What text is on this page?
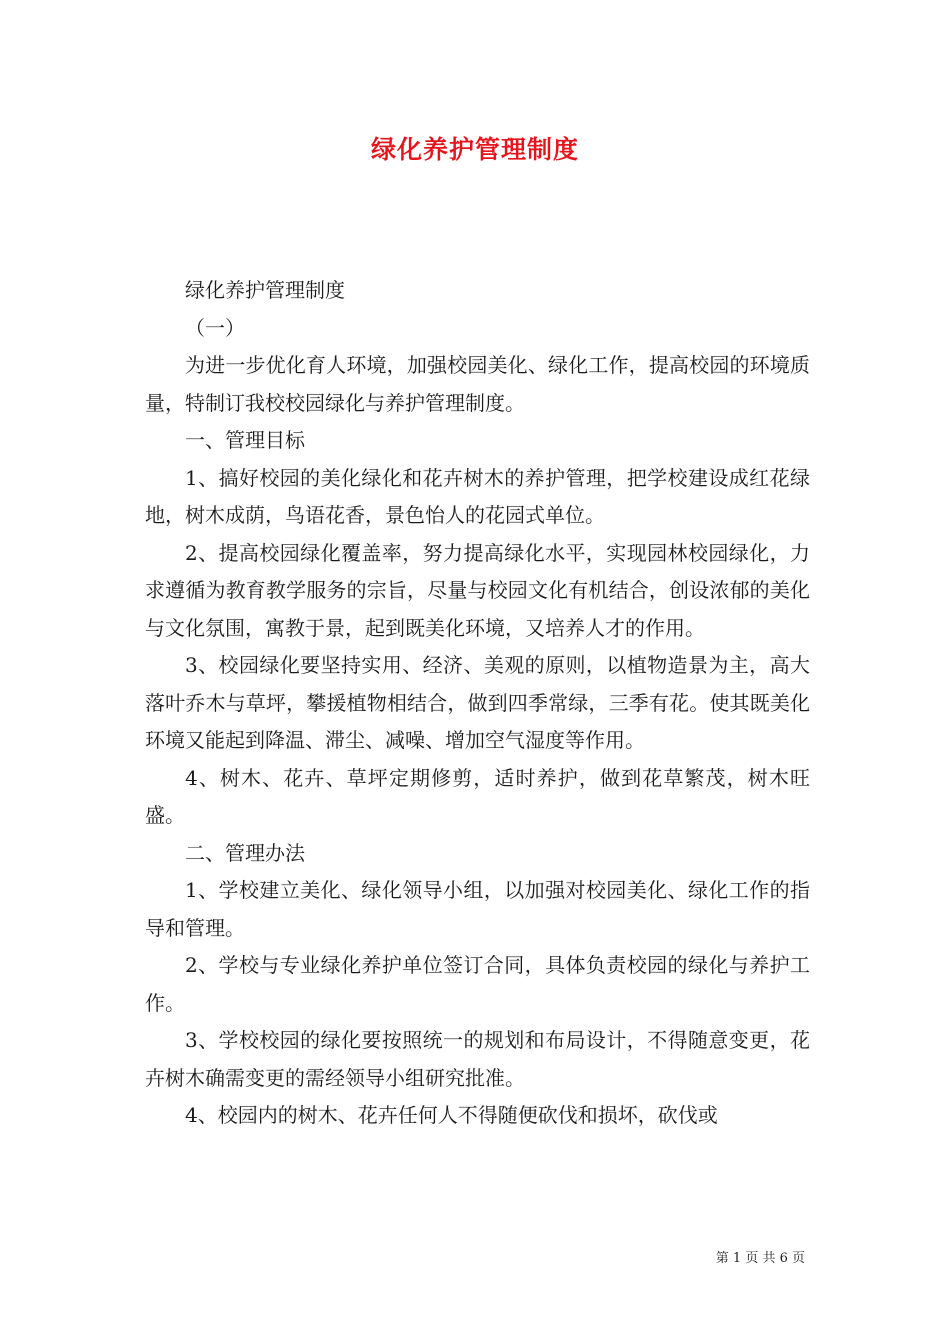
绿化养护管理制度

绿化养护管理制度

（一）

为进一步优化育人环境，加强校园美化、绿化工作，提高校园的环境质量，特制订我校校园绿化与养护管理制度。

一、管理目标

1、搞好校园的美化绿化和花卉树木的养护管理，把学校建设成红花绿地，树木成荫，鸟语花香，景色怡人的花园式单位。

2、提高校园绿化覆盖率，努力提高绿化水平，实现园林校园绿化，力求遵循为教育教学服务的宗旨，尽量与校园文化有机结合，创设浓郁的美化与文化氛围，寓教于景，起到既美化环境，又培养人才的作用。

3、校园绿化要坚持实用、经济、美观的原则，以植物造景为主，高大落叶乔木与草坪，攀援植物相结合，做到四季常绿，三季有花。使其既美化环境又能起到降温、滞尘、减噪、增加空气湿度等作用。

4、树木、花卉、草坪定期修剪，适时养护，做到花草繁茂，树木旺盛。

二、管理办法

1、学校建立美化、绿化领导小组，以加强对校园美化、绿化工作的指导和管理。

2、学校与专业绿化养护单位签订合同，具体负责校园的绿化与养护工作。

3、学校校园的绿化要按照统一的规划和布局设计，不得随意变更，花卉树木确需变更的需经领导小组研究批准。

4、校园内的树木、花卉任何人不得随便砍伐和损坏，砍伐或

第 1 页 共 6 页
